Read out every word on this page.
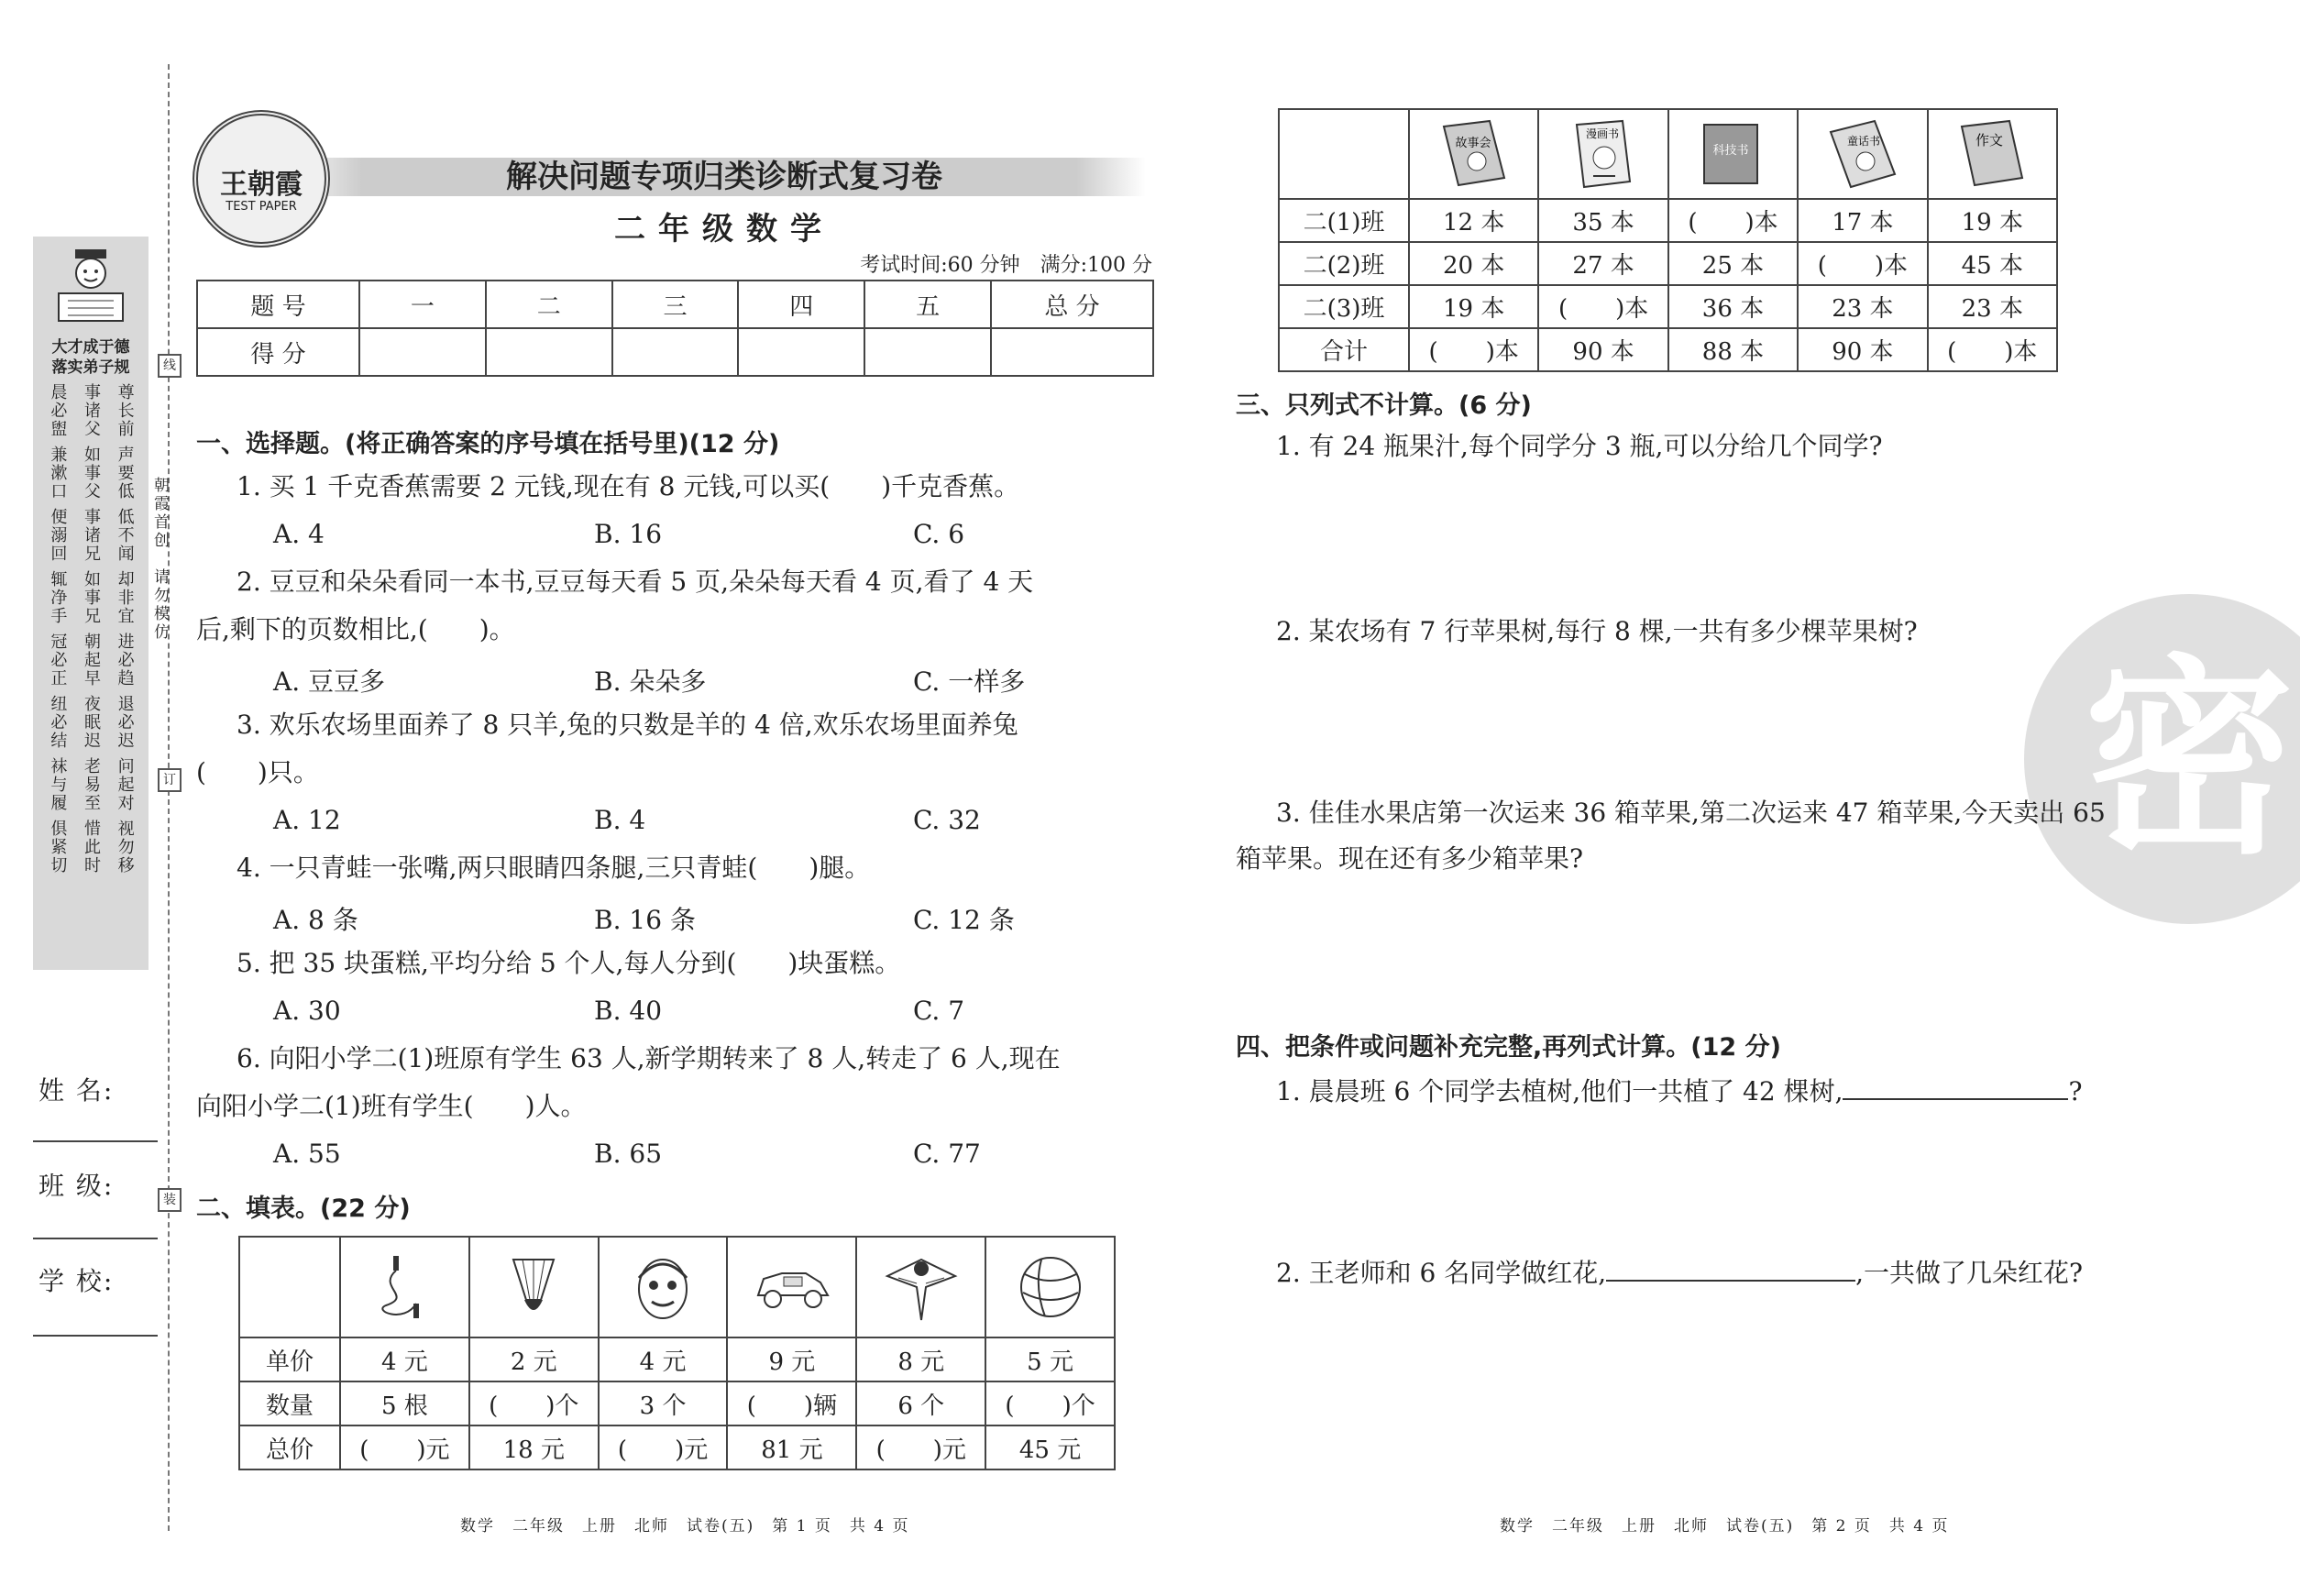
大才成于德
落实弟子规
晨必盥 事诸父 尊长前
兼漱口 如事父 声要低
便溺回 事诸兄 低不闻
辄净手 如事兄 却非宜
冠必正 朝起早 进必趋
纽必结 夜眠迟 退必迟
袜与履 老易至 问起对
俱紧切 惜此时 视勿移
朝霞首创
请勿模仿
线
订
装
姓 名:
班 级:
学 校:
王朝霞
TEST PAPER
解决问题专项归类诊断式复习卷
二年级数学
考试时间:60 分钟　满分:100 分
题 号	一	二	三	四	五	总 分
得 分						
一、选择题。(将正确答案的序号填在括号里)(12 分)
1. 买 1 千克香蕉需要 2 元钱,现在有 8 元钱,可以买(　　)千克香蕉。
A. 4	B. 16	C. 6
2. 豆豆和朵朵看同一本书,豆豆每天看 5 页,朵朵每天看 4 页,看了 4 天
后,剩下的页数相比,(　　)。
A. 豆豆多	B. 朵朵多	C. 一样多
3. 欢乐农场里面养了 8 只羊,兔的只数是羊的 4 倍,欢乐农场里面养兔
(　　)只。
A. 12	B. 4	C. 32
4. 一只青蛙一张嘴,两只眼睛四条腿,三只青蛙(　　)腿。
A. 8 条	B. 16 条	C. 12 条
5. 把 35 块蛋糕,平均分给 5 个人,每人分到(　　)块蛋糕。
A. 30	B. 40	C. 7
6. 向阳小学二(1)班原有学生 63 人,新学期转来了 8 人,转走了 6 人,现在
向阳小学二(1)班有学生(　　)人。
A. 55	B. 65	C. 77
二、填表。(22 分)

单价	4 元	2 元	4 元	9 元	8 元	5 元
数量	5 根	(　　)个	3 个	(　　)辆	6 个	(　　)个
总价	(　　)元	18 元	(　　)元	81 元	(　　)元	45 元
数学　二年级　上册　北师　试卷(五)　第 1 页　共 4 页
密

故事会	漫画书	科技书	童话书	作文

二(1)班	12 本	35 本	(　　)本	17 本	19 本
二(2)班	20 本	27 本	25 本	(　　)本	45 本
二(3)班	19 本	(　　)本	36 本	23 本	23 本
合计	(　　)本	90 本	88 本	90 本	(　　)本
三、只列式不计算。(6 分)
1. 有 24 瓶果汁,每个同学分 3 瓶,可以分给几个同学?
2. 某农场有 7 行苹果树,每行 8 棵,一共有多少棵苹果树?
3. 佳佳水果店第一次运来 36 箱苹果,第二次运来 47 箱苹果,今天卖出 65
箱苹果。现在还有多少箱苹果?
四、把条件或问题补充完整,再列式计算。(12 分)
1. 晨晨班 6 个同学去植树,他们一共植了 42 棵树,	?
2. 王老师和 6 名同学做红花,	,一共做了几朵红花?
数学　二年级　上册　北师　试卷(五)　第 2 页　共 4 页
